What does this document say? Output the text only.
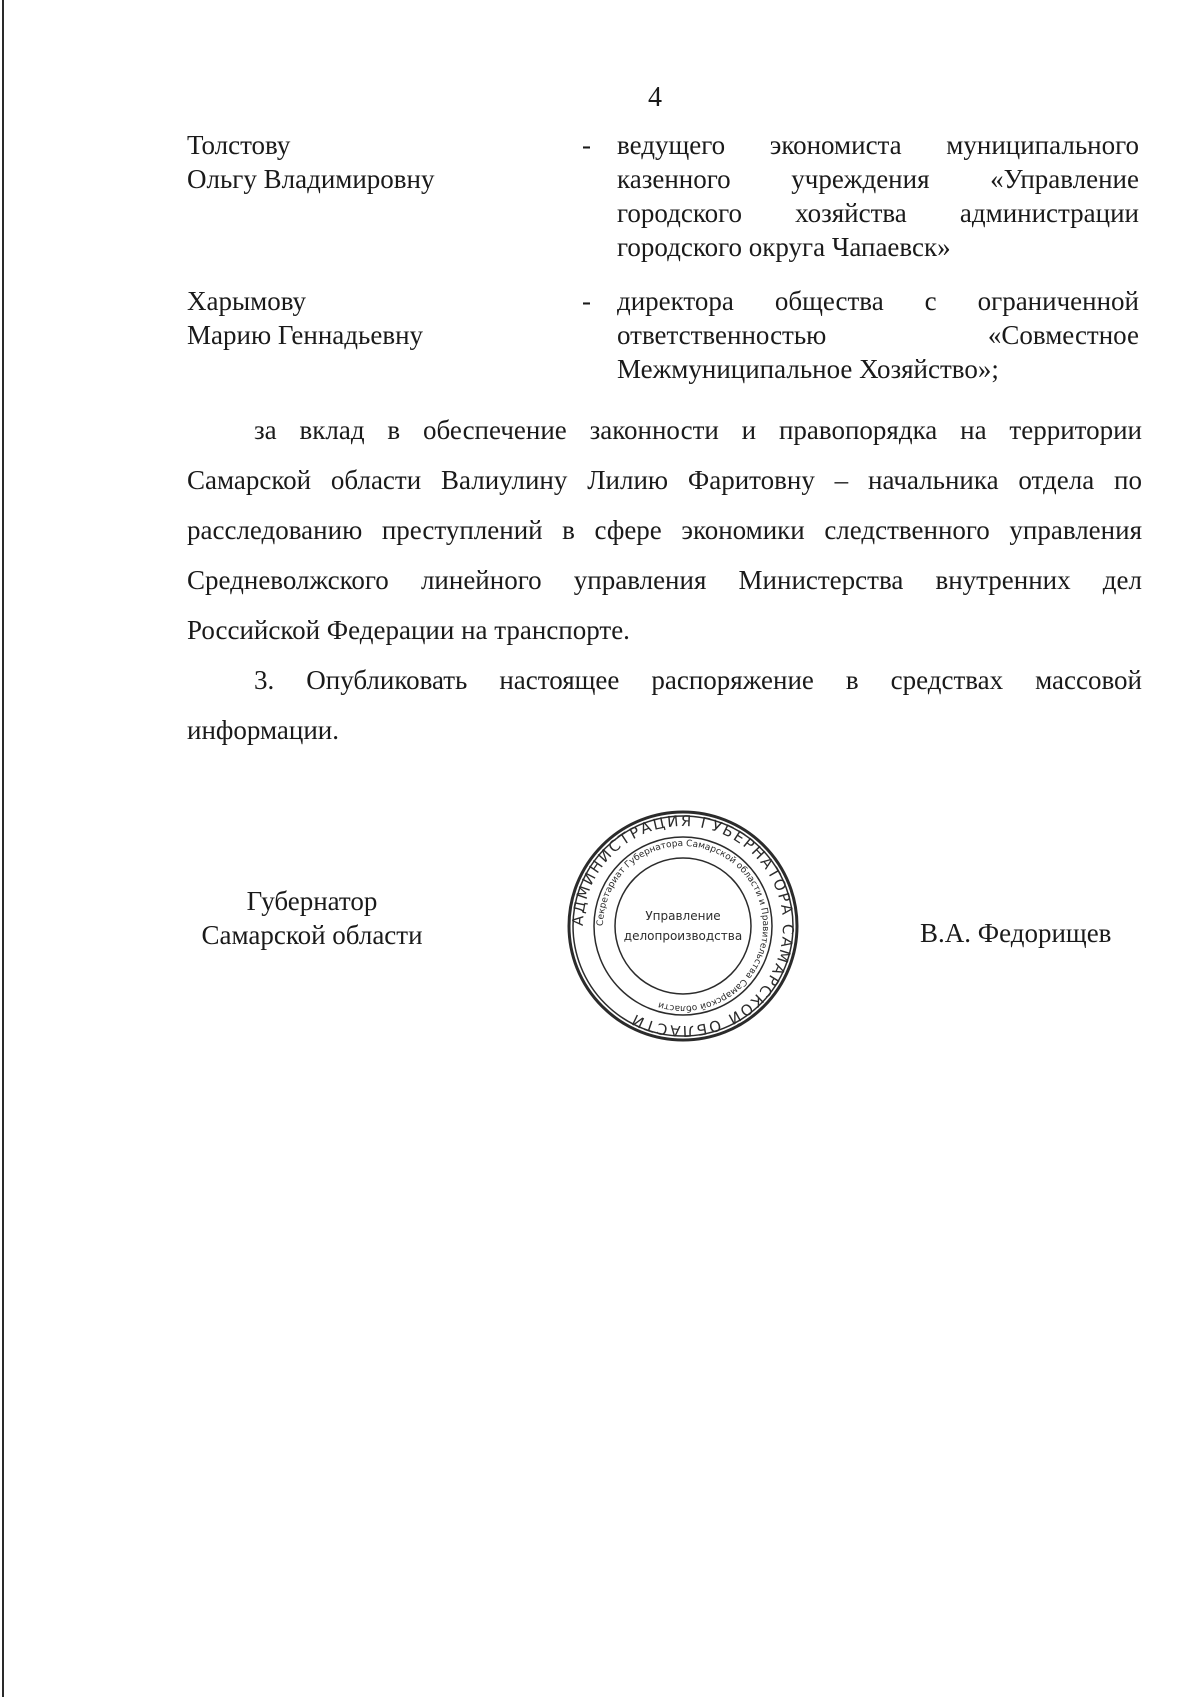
4
Толстову
Ольгу Владимировну
- ведущего экономиста муниципального казенного учреждения «Управление городского хозяйства администрации городского округа Чапаевск»
Харымову
Марию Геннадьевну
- директора общества с ограниченной ответственностью «Совместное Межмуниципальное Хозяйство»;
за вклад в обеспечение законности и правопорядка на территории Самарской области Валиулину Лилию Фаритовну – начальника отдела по расследованию преступлений в сфере экономики следственного управления Средневолжского линейного управления Министерства внутренних дел Российской Федерации на транспорте.
3. Опубликовать настоящее распоряжение в средствах массовой информации.
Губернатор
Самарской области
АДМИНИСТРАЦИЯ ГУБЕРНАТОРА САМАРСКОЙ ОБЛАСТИ
Секретариат Губернатора Самарской области и Правительства Самарской области
Управление
делопроизводства	В.А. Федорищев
